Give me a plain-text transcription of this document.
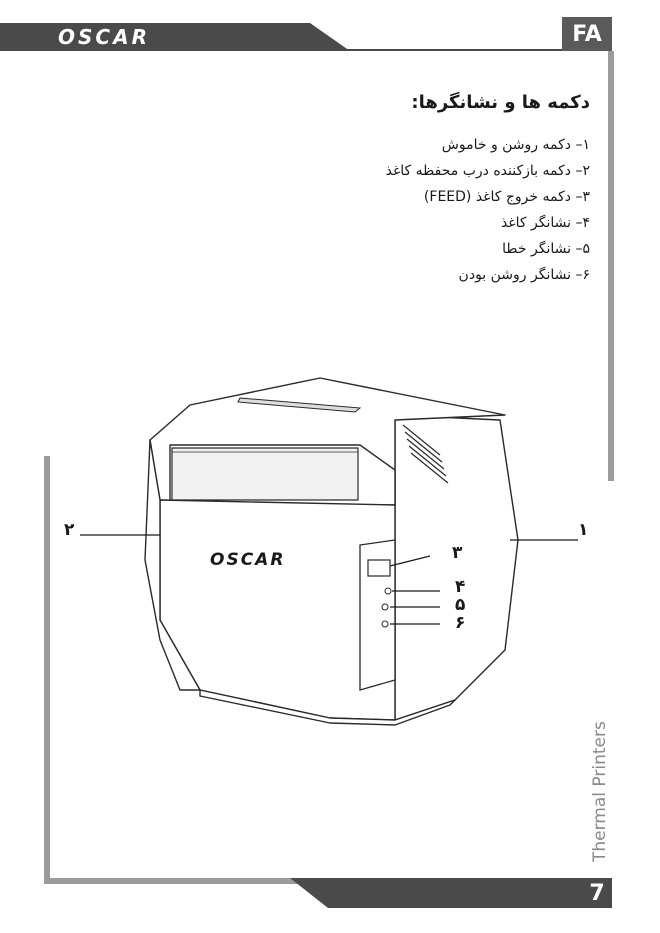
OSCAR	FA
7
Thermal Printers
دکمه ها و نشانگرها:
۱– دکمه روشن و خاموش
۲– دکمه بازکننده درب محفظه کاغذ
۳– دکمه خروج کاغذ (FEED)
۴– نشانگر کاغذ
۵– نشانگر خطا
۶– نشانگر روشن بودن
OSCAR
۲	۱
۳
۴
۵
۶
